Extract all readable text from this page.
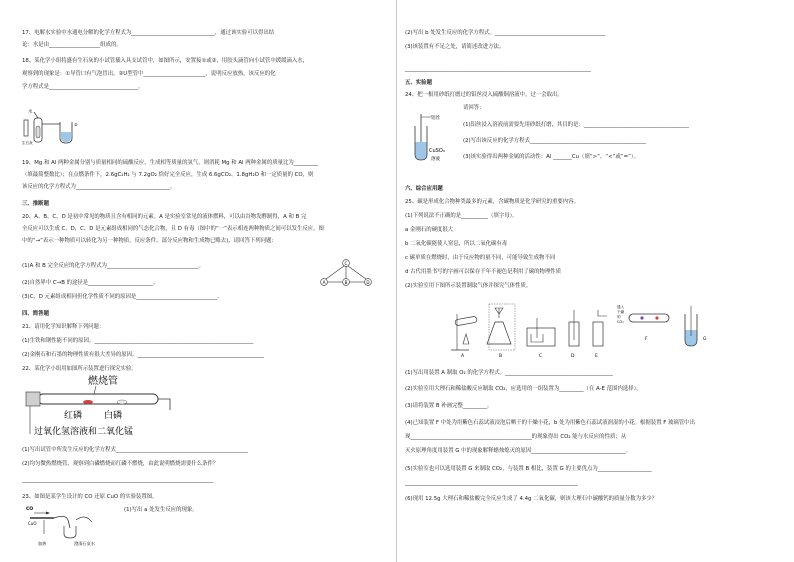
17、电解水实验中水通电分解的化学方程式为_______________________________，通过该实验可以得出结
论：水是由___________________组成的。
18、某化学小组将盛有生石灰的小试管插入具支试管中，如图所示，安置接①或②，用胶头滴管向小试管中缓缓滴入水，
观察到的现象是：①导管口有气泡冒出，②U型管中_______________________，说明反应放热，该反应的化
学方程式是_________________________________。
水
②
生石灰
19、Mg 和 Al 两种金属分别与质量相同的硫酸反应，生成相等质量的氢气，则消耗 Mg 和 Al 两种金属的质量比为_________
（填最简整数比）；在点燃条件下，2.6gC₂H₂ 与 7.2gO₂ 恰好完全反应，生成 6.6gCO₂、1.8gH₂O 和一定质量的 CO，则
该反应的化学方程式为___________________________________。
三、推断题
20、A、B、C、D 是初中常见的物质且含有相同的元素。A 是实验室常见的液体燃料，可以由谷物发酵制得，A 和 B 完
全反应可以生成 C、D，C、D 是元素组成相同的气态化合物，且 D 有毒（图中的“一”表示相连两种物质之间可以发生反应，图
中的“→”表示一种物质可以转化为另一种物质，反应条件、部分反应物和生成物已略去)，请回答下列问题:
(1)A 和 B 完全反应的化学方程式为__________________________________。
(2)自然界中 C→B 的途径是________________________。
(3)C、D 元素组成相同但化学性质不同的原因是______________________________。
C
A	B	D
四、简答题
21、请用化学知识解释下列问题：
(1)生铁和钢性能不同的原因。___________________________________________________________
(2)金刚石和石墨的物理性质有很大差异的原因。_______________________________________________
22、某化学小组用如图所示装置进行探究实验。
燃烧管
红磷 白磷
过氧化氢溶液和二氧化锰
(1)写出试管中所发生反应的化学方程式_________________________________________________
(2)均匀微热燃烧管，观察到白磷燃烧而红磷不燃烧，由此说明燃烧需要什么条件？
_______________________________________________________________________
23、如图是某学生设计的 CO 还原 CuO 的实验装置图。
CO
CuO
澄清石灰水
加热
(1)写出 a 处发生反应的现象。
(2)写出 b 处发生反应的化学方程式。_________________________________________
(3)该装置有不足之处，请简述改进方法。
_____________________________________________________________________
五、实验题
24、把一根用砂纸打磨过的铝丝浸入硫酸铜溶液中，过一会取出。
请回答：
(1)铝丝浸入溶液前需要先用砂纸打磨，其目的是：_______________________________________
(2)写出该反应的化学方程式___________________________________________
(3)该实验得出两种金属的活动性：Al _______Cu（填“>”、“<”或“=”）。
铝丝
CuSO₄
溶液
六、综合应用题
25、碳是形成化合物种类最多的元素，含碳物质是化学研究的重要内容。
(1)下列说法不正确的是__________（填字母）。
a 金刚石的硬度很大
b 二氧化碳能使人窒息，所以二氧化碳有毒
c 碳单质在燃烧时，由于反应物的量不同，可能导致生成物不同
d 古代用墨书写的字画可以保存千年不褪色是利用了碳的物理性质
(2)实验室用下图所示装置制取气体并探究气体性质。
A	B	C	D	E
通入
干燥
的
CO₂
F	G
(1)写出用装置 A 制取 O₂ 的化学方程式。________________________________________
(2)实验室用大理石和稀盐酸反应制取 CO₂，应选用的一组装置为_________（在 A-E 范围内选择）。
(3)请将装置 B 补画完整_________。
(4)已知装置 F 中处为用紫色石蕊试液浸泡后晒干的干燥小花，b 处为用紫色石蕊试液润湿的小花。根据装置 F 玻璃管中出
现_____________________________________________的现象得出 CO₂ 能与水反应的性质；从
灭火原理角度用装置 G 中的现象解释蜡烛熄灭的原因___________________________________。
(5)实验室也可以选用装置 G 来制取 CO₂，与装置 B 相比，装置 G 的主要优点为____________________
________________________________________________________________
(6)现用 12.5g 大理石和稀盐酸完全反应生成了 4.4g 二氧化碳，则该大理石中碳酸钙的质量分数为多少？
